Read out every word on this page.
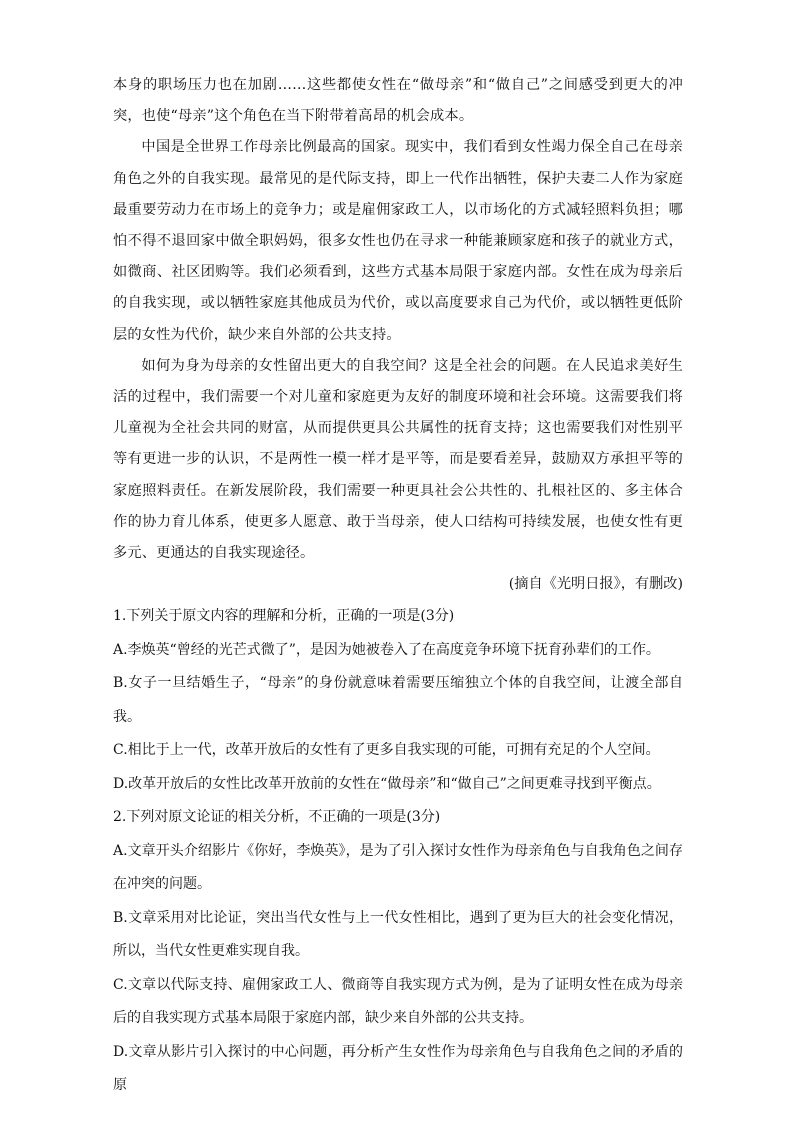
本身的职场压力也在加剧……这些都使女性在“做母亲”和“做自己”之间感受到更大的冲突，也使“母亲”这个角色在当下附带着高昂的机会成本。

中国是全世界工作母亲比例最高的国家。现实中，我们看到女性竭力保全自己在母亲角色之外的自我实现。最常见的是代际支持，即上一代作出牺牲，保护夫妻二人作为家庭最重要劳动力在市场上的竞争力；或是雇佣家政工人，以市场化的方式减轻照料负担；哪怕不得不退回家中做全职妈妈，很多女性也仍在寻求一种能兼顾家庭和孩子的就业方式，如微商、社区团购等。我们必须看到，这些方式基本局限于家庭内部。女性在成为母亲后的自我实现，或以牺牲家庭其他成员为代价，或以高度要求自己为代价，或以牺牲更低阶层的女性为代价，缺少来自外部的公共支持。

如何为身为母亲的女性留出更大的自我空间？这是全社会的问题。在人民追求美好生活的过程中，我们需要一个对儿童和家庭更为友好的制度环境和社会环境。这需要我们将儿童视为全社会共同的财富，从而提供更具公共属性的抚育支持；这也需要我们对性别平等有更进一步的认识，不是两性一模一样才是平等，而是要看差异，鼓励双方承担平等的家庭照料责任。在新发展阶段，我们需要一种更具社会公共性的、扎根社区的、多主体合作的协力育儿体系，使更多人愿意、敢于当母亲，使人口结构可持续发展，也使女性有更多元、更通达的自我实现途径。

(摘自《光明日报》，有删改)

1.下列关于原文内容的理解和分析，正确的一项是(3分)

A.李焕英“曾经的光芒式微了”，是因为她被卷入了在高度竞争环境下抚育孙辈们的工作。

B.女子一旦结婚生子，“母亲”的身份就意味着需要压缩独立个体的自我空间，让渡全部自我。

C.相比于上一代，改革开放后的女性有了更多自我实现的可能，可拥有充足的个人空间。

D.改革开放后的女性比改革开放前的女性在“做母亲”和“做自己”之间更难寻找到平衡点。

2.下列对原文论证的相关分析，不正确的一项是(3分)

A.文章开头介绍影片《你好，李焕英》，是为了引入探讨女性作为母亲角色与自我角色之间存在冲突的问题。

B.文章采用对比论证，突出当代女性与上一代女性相比，遇到了更为巨大的社会变化情况，所以，当代女性更难实现自我。

C.文章以代际支持、雇佣家政工人、微商等自我实现方式为例，是为了证明女性在成为母亲后的自我实现方式基本局限于家庭内部，缺少来自外部的公共支持。

D.文章从影片引入探讨的中心问题，再分析产生女性作为母亲角色与自我角色之间的矛盾的原
